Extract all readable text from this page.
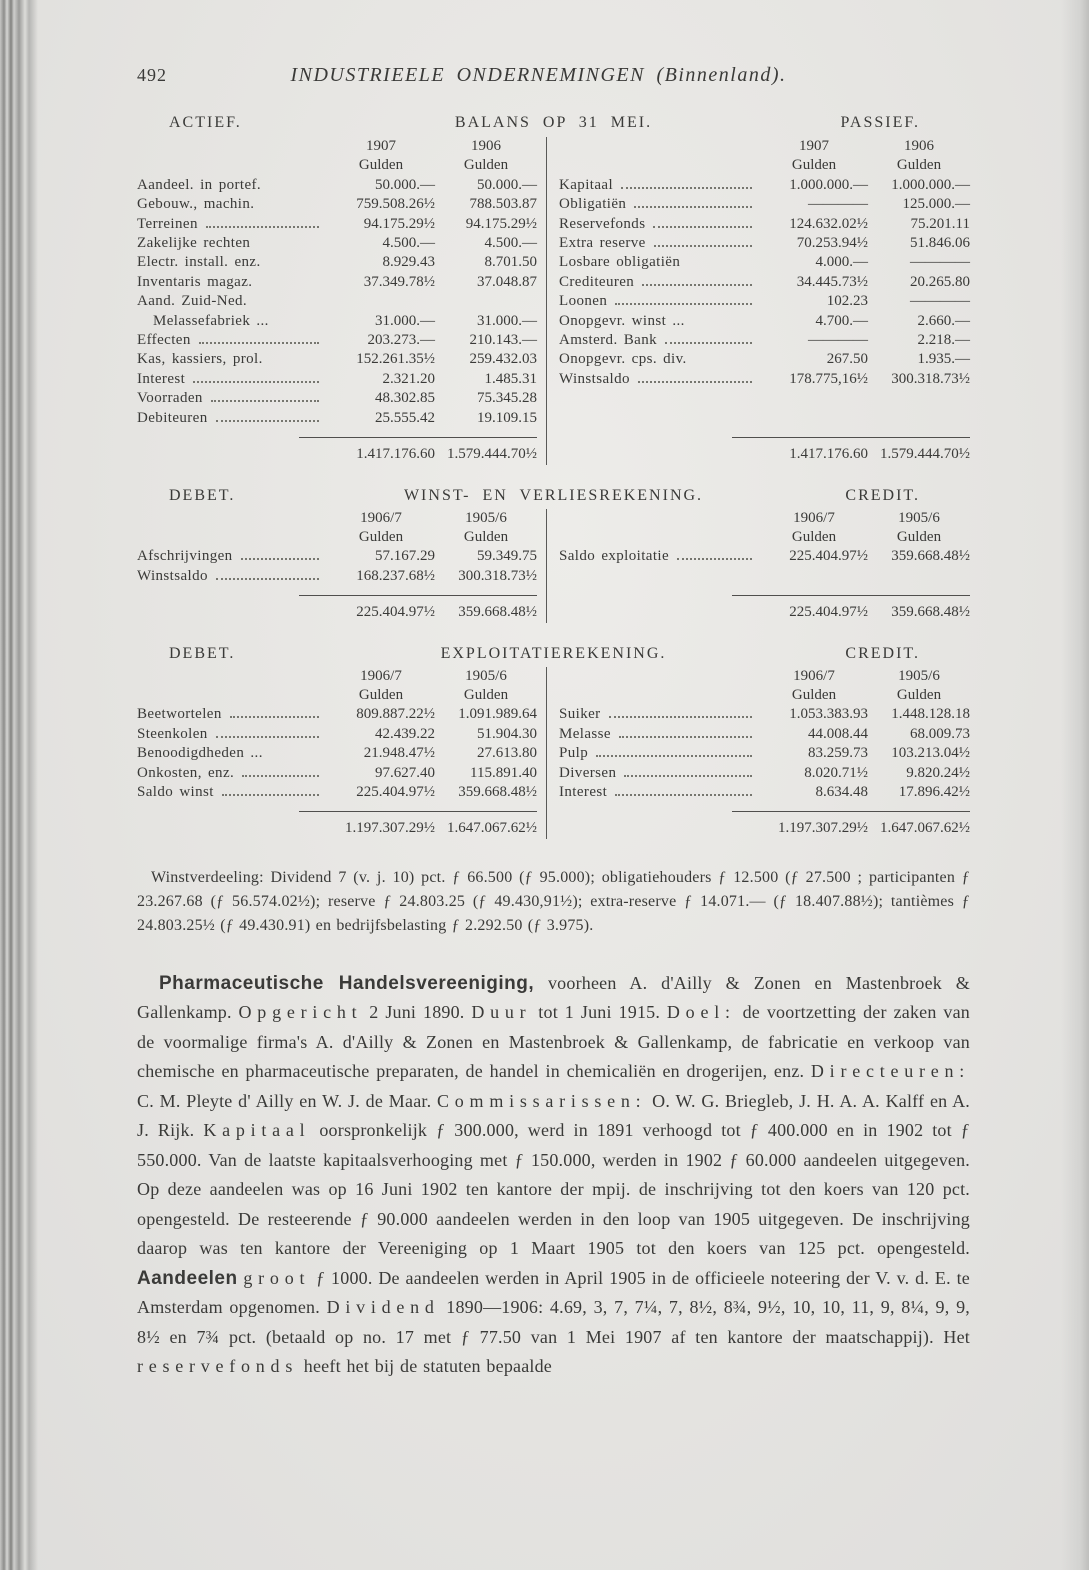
492	INDUSTRIEELE ONDERNEMINGEN (Binnenland).
ACTIEF.	BALANS OP 31 MEI.	PASSIEF.
1907	1906
Gulden	Gulden
Aandeel. in portef.	50.000.—	50.000.—
Gebouw., machin.	759.508.26½	788.503.87
Terreinen	94.175.29½	94.175.29½
Zakelijke rechten	4.500.—	4.500.—
Electr. install. enz.	8.929.43	8.701.50
Inventaris magaz.	37.349.78½	37.048.87
Aand. Zuid-Ned.
Melassefabriek ...	31.000.—	31.000.—
Effecten	203.273.—	210.143.—
Kas, kassiers, prol.	152.261.35½	259.432.03
Interest	2.321.20	1.485.31
Voorraden	48.302.85	75.345.28
Debiteuren	25.555.42	19.109.15
1.417.176.60 1.579.444.70½
1907	1906
Gulden	Gulden
Kapitaal	1.000.000.—	1.000.000.—
Obligatiën	————	125.000.—
Reservefonds	124.632.02½	75.201.11
Extra reserve	70.253.94½	51.846.06
Losbare obligatiën	4.000.—	————
Crediteuren	34.445.73½	20.265.80
Loonen	102.23	————
Onopgevr. winst ...	4.700.—	2.660.—
Amsterd. Bank	————	2.218.—
Onopgevr. cps. div.	267.50	1.935.—
Winstsaldo	178.775,16½	300.318.73½
1.417.176.60 1.579.444.70½
DEBET.	WINST- EN VERLIESREKENING.	CREDIT.
1906/7	1905/6
Gulden	Gulden
Afschrijvingen	57.167.29	59.349.75
Winstsaldo	168.237.68½	300.318.73½
225.404.97½	359.668.48½
1906/7	1905/6
Gulden	Gulden
Saldo exploitatie	225.404.97½	359.668.48½
225.404.97½	359.668.48½
DEBET.	EXPLOITATIEREKENING.	CREDIT.
1906/7	1905/6
Gulden	Gulden
Beetwortelen	809.887.22½	1.091.989.64
Steenkolen	42.439.22	51.904.30
Benoodigdheden ...	21.948.47½	27.613.80
Onkosten, enz.	97.627.40	115.891.40
Saldo winst	225.404.97½	359.668.48½
1.197.307.29½ 1.647.067.62½
1906/7	1905/6
Gulden	Gulden
Suiker	1.053.383.93	1.448.128.18
Melasse	44.008.44	68.009.73
Pulp	83.259.73	103.213.04½
Diversen	8.020.71½	9.820.24½
Interest	8.634.48	17.896.42½
1.197.307.29½ 1.647.067.62½

Winstverdeeling: Dividend 7 (v. j. 10) pct. ƒ 66.500 (ƒ 95.000); obligatiehouders ƒ 12.500 (ƒ 27.500 ; participanten ƒ 23.267.68 (ƒ 56.574.02½); reserve ƒ 24.803.25 (ƒ 49.430,91½); extra-reserve ƒ 14.071.— (ƒ 18.407.88½); tantièmes ƒ 24.803.25½ (ƒ 49.430.91) en bedrijfsbelasting ƒ 2.292.50 (ƒ 3.975).

Pharmaceutische Handelsvereeniging, voorheen A. d'Ailly & Zonen en Mastenbroek & Gallenkamp. Opgericht 2 Juni 1890. Duur tot 1 Juni 1915. Doel: de voortzetting der zaken van de voormalige firma's A. d'Ailly & Zonen en Mastenbroek & Gallenkamp, de fabricatie en verkoop van chemische en pharmaceutische preparaten, de handel in chemicaliën en drogerijen, enz. Directeuren: C. M. Pleyte d' Ailly en W. J. de Maar. Commissarissen: O. W. G. Briegleb, J. H. A. A. Kalff en A. J. Rijk. Kapitaal oorspronkelijk ƒ 300.000, werd in 1891 verhoogd tot ƒ 400.000 en in 1902 tot ƒ 550.000. Van de laatste kapitaalsverhooging met ƒ 150.000, werden in 1902 ƒ 60.000 aandeelen uitgegeven. Op deze aandeelen was op 16 Juni 1902 ten kantore der mpij. de inschrijving tot den koers van 120 pct. opengesteld. De resteerende ƒ 90.000 aandeelen werden in den loop van 1905 uitgegeven. De inschrijving daarop was ten kantore der Vereeniging op 1 Maart 1905 tot den koers van 125 pct. opengesteld. Aandeelen groot ƒ 1000. De aandeelen werden in April 1905 in de officieele noteering der V. v. d. E. te Amsterdam opgenomen. Dividend 1890—1906: 4.69, 3, 7, 7¼, 7, 8½, 8¾, 9½, 10, 10, 11, 9, 8¼, 9, 9, 8½ en 7¾ pct. (betaald op no. 17 met ƒ 77.50 van 1 Mei 1907 af ten kantore der maatschappij). Het reservefonds heeft het bij de statuten bepaalde
